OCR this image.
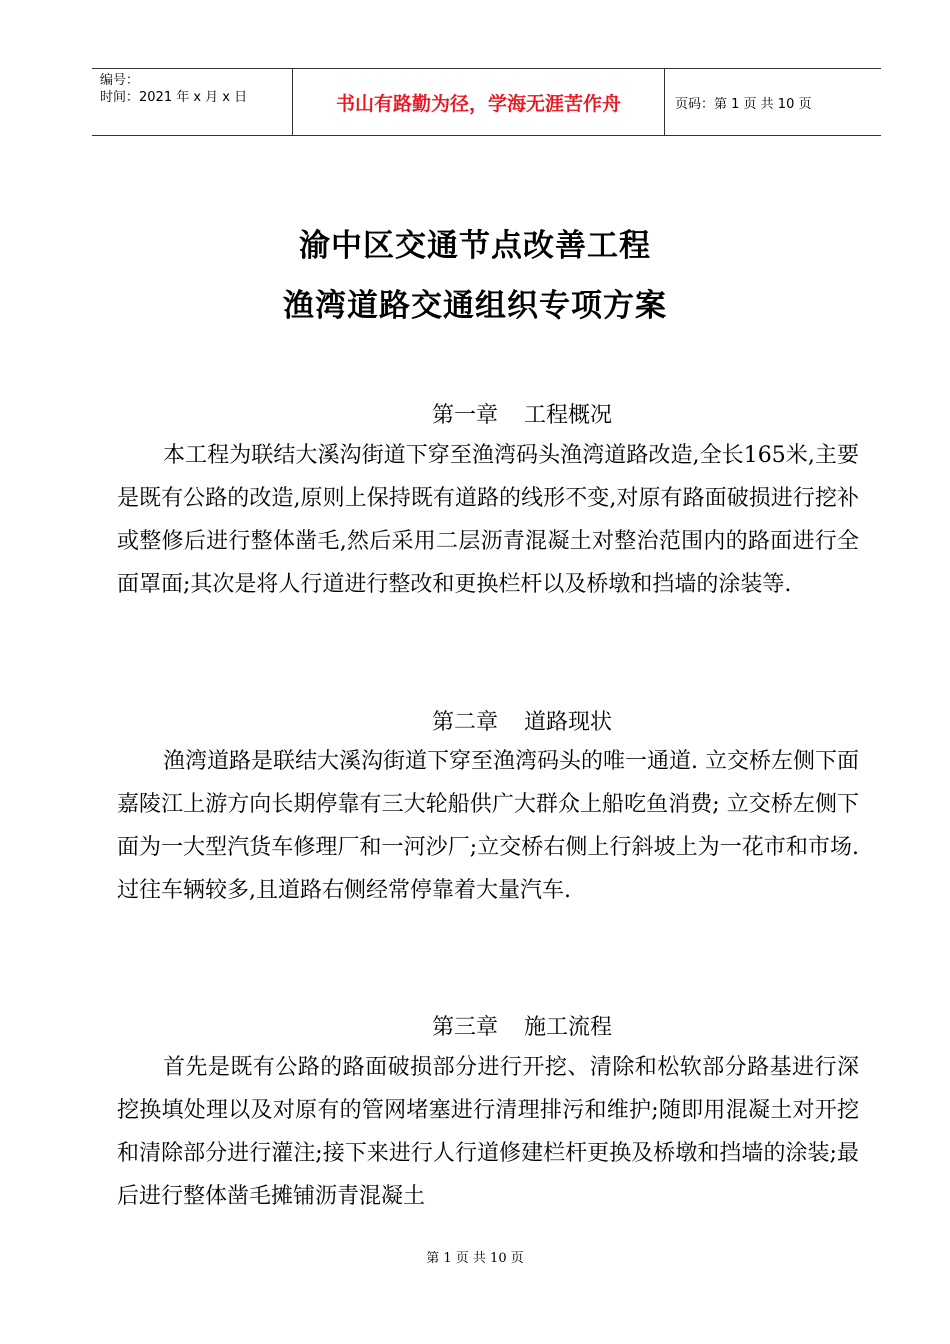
编号：
时间：2021 年 x 月 x 日	书山有路勤为径，学海无涯苦作舟	页码：第 1 页 共 10 页
渝中区交通节点改善工程
渔湾道路交通组织专项方案
第一章 工程概况

本工程为联结大溪沟街道下穿至渔湾码头渔湾道路改造,全长165米,主要是既有公路的改造,原则上保持既有道路的线形不变,对原有路面破损进行挖补或整修后进行整体凿毛,然后采用二层沥青混凝土对整治范围内的路面进行全面罩面;其次是将人行道进行整改和更换栏杆以及桥墩和挡墙的涂装等.

第二章 道路现状

渔湾道路是联结大溪沟街道下穿至渔湾码头的唯一通道. 立交桥左侧下面嘉陵江上游方向长期停靠有三大轮船供广大群众上船吃鱼消费; 立交桥左侧下面为一大型汽货车修理厂和一河沙厂;立交桥右侧上行斜坡上为一花市和市场. 过往车辆较多,且道路右侧经常停靠着大量汽车.

第三章 施工流程

首先是既有公路的路面破损部分进行开挖、清除和松软部分路基进行深挖换填处理以及对原有的管网堵塞进行清理排污和维护;随即用混凝土对开挖和清除部分进行灌注;接下来进行人行道修建栏杆更换及桥墩和挡墙的涂装;最后进行整体凿毛摊铺沥青混凝土

第 1 页 共 10 页
